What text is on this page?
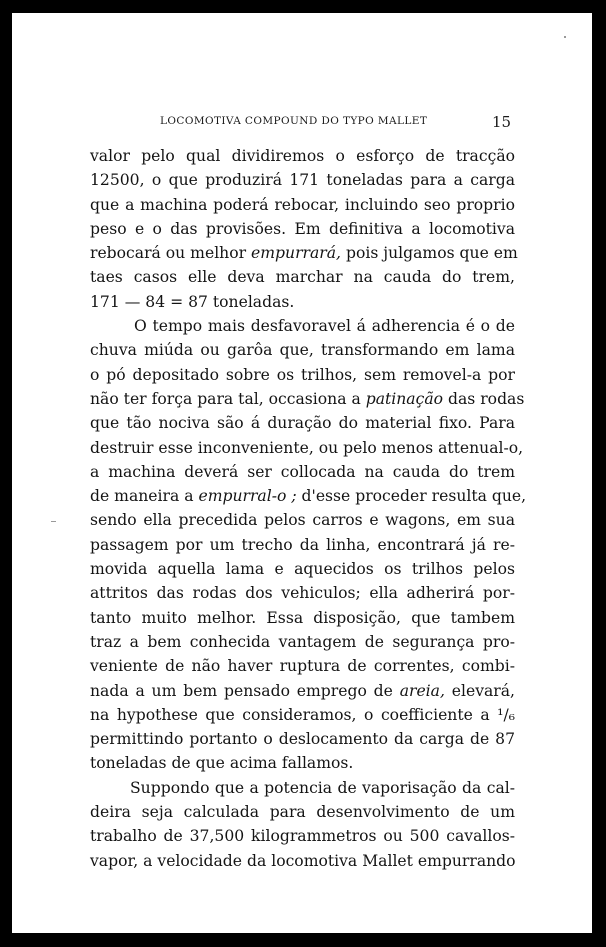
LOCOMOTIVA COMPOUND DO TYPO MALLET	15
valor pelo qual dividiremos o esforço de tracção
12500, o que produzirá 171 toneladas para a carga
que a machina poderá rebocar, incluindo seo proprio
peso e o das provisões. Em definitiva a locomotiva
rebocará ou melhor empurrará, pois julgamos que em
taes casos elle deva marchar na cauda do trem,
171 — 84 = 87 toneladas.
O tempo mais desfavoravel á adherencia é o de
chuva miúda ou garôa que, transformando em lama
o pó depositado sobre os trilhos, sem removel-a por
não ter força para tal, occasiona a patinação das rodas
que tão nociva são á duração do material fixo. Para
destruir esse inconveniente, ou pelo menos attenual-o,
a machina deverá ser collocada na cauda do trem
de maneira a empurral-o ; d'esse proceder resulta que,
sendo ella precedida pelos carros e wagons, em sua
passagem por um trecho da linha, encontrará já re-
movida aquella lama e aquecidos os trilhos pelos
attritos das rodas dos vehiculos; ella adherirá por-
tanto muito melhor. Essa disposição, que tambem
traz a bem conhecida vantagem de segurança pro-
veniente de não haver ruptura de correntes, combi-
nada a um bem pensado emprego de areia, elevará,
na hypothese que consideramos, o coefficiente a ¹/₆
permittindo portanto o deslocamento da carga de 87
toneladas de que acima fallamos.
Suppondo que a potencia de vaporisação da cal-
deira seja calculada para desenvolvimento de um
trabalho de 37,500 kilogrammetros ou 500 cavallos-
vapor, a velocidade da locomotiva Mallet empurrando
